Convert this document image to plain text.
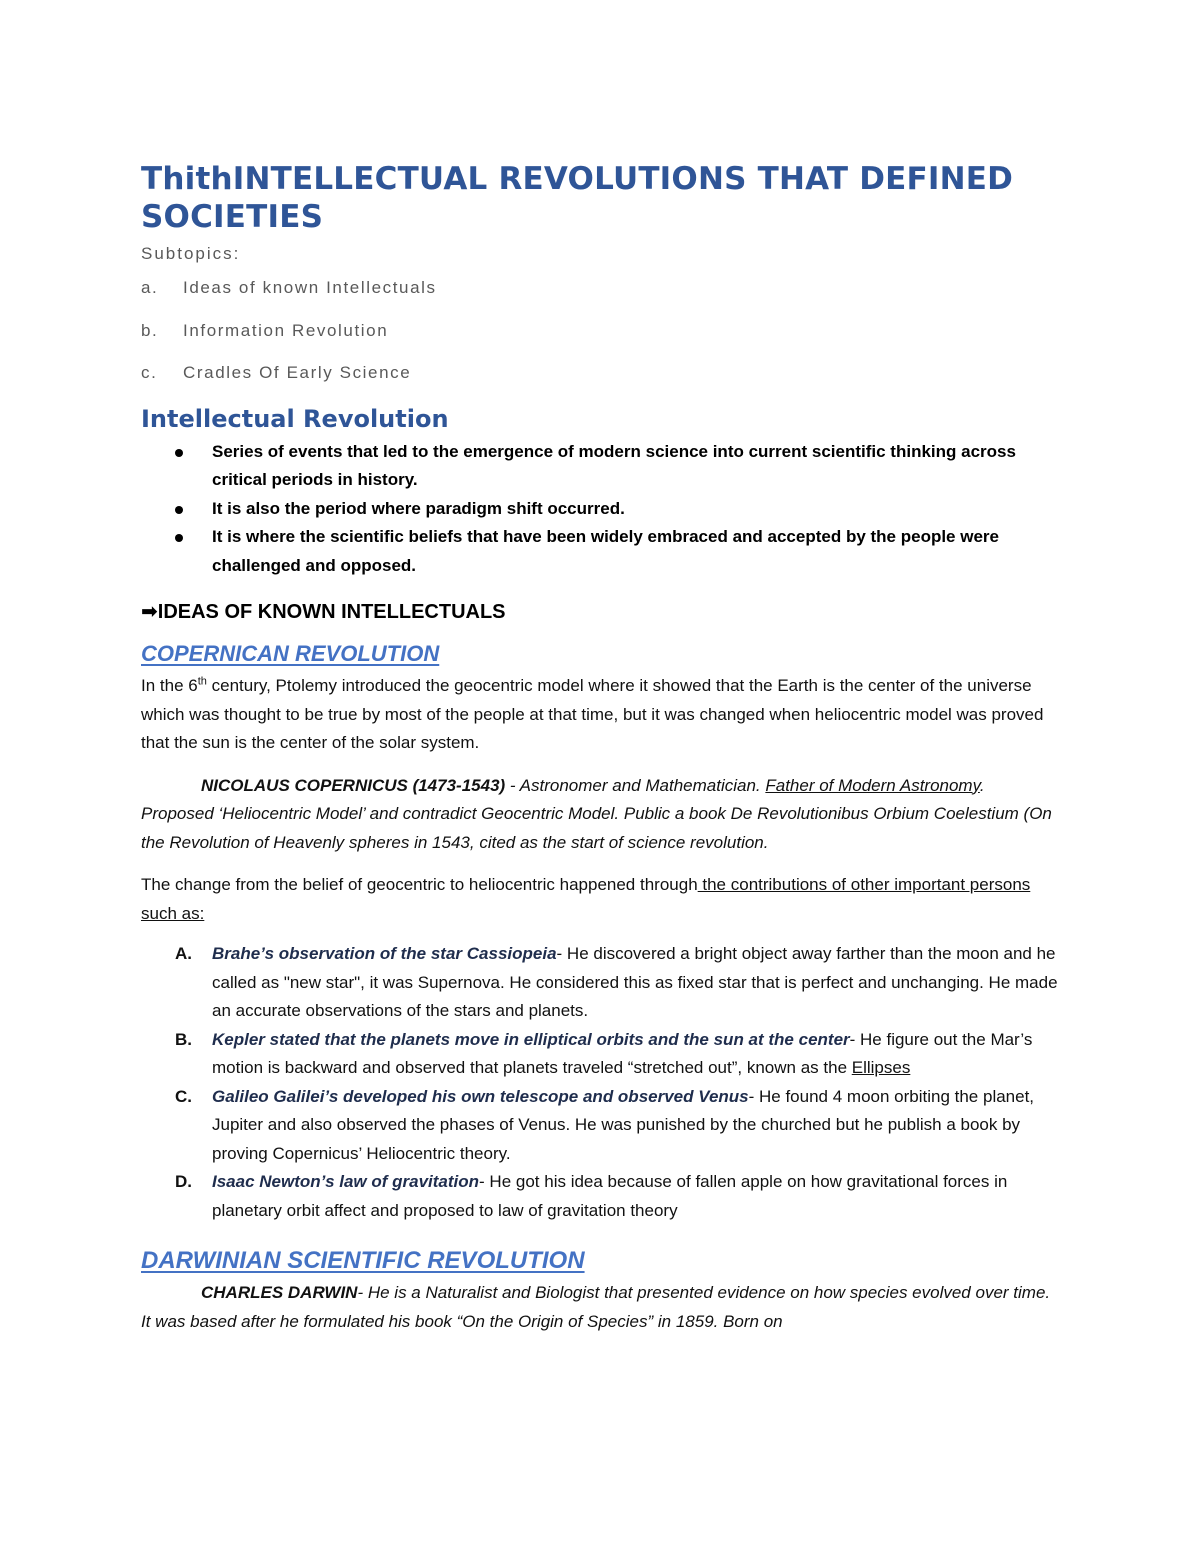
ThithINTELLECTUAL REVOLUTIONS THAT DEFINED SOCIETIES

Subtopics:

a.	Ideas of known Intellectuals
b.	Information Revolution
c.	Cradles Of Early Science
Intellectual Revolution
Series of events that led to the emergence of modern science into current scientific thinking across critical periods in history.
It is also the period where paradigm shift occurred.
It is where the scientific beliefs that have been widely embraced and accepted by the people were challenged and opposed.
➡IDEAS OF KNOWN INTELLECTUALS
COPERNICAN REVOLUTION

In the 6th century, Ptolemy introduced the geocentric model where it showed that the Earth is the center of the universe which was thought to be true by most of the people at that time, but it was changed when heliocentric model was proved that the sun is the center of the solar system.

NICOLAUS COPERNICUS (1473-1543) - Astronomer and Mathematician. Father of Modern Astronomy. Proposed ‘Heliocentric Model’ and contradict Geocentric Model. Public a book De Revolutionibus Orbium Coelestium (On the Revolution of Heavenly spheres in 1543, cited as the start of science revolution.

The change from the belief of geocentric to heliocentric happened through the contributions of other important persons such as:

A. Brahe’s observation of the star Cassiopeia- He discovered a bright object away farther than the moon and he called as "new star", it was Supernova. He considered this as fixed star that is perfect and unchanging. He made an accurate observations of the stars and planets.
B. Kepler stated that the planets move in elliptical orbits and the sun at the center- He figure out the Mar’s motion is backward and observed that planets traveled “stretched out”, known as the Ellipses
C. Galileo Galilei’s developed his own telescope and observed Venus- He found 4 moon orbiting the planet, Jupiter and also observed the phases of Venus. He was punished by the churched but he publish a book by proving Copernicus’ Heliocentric theory.
D. Isaac Newton’s law of gravitation- He got his idea because of fallen apple on how gravitational forces in planetary orbit affect and proposed to law of gravitation theory
DARWINIAN SCIENTIFIC REVOLUTION

CHARLES DARWIN- He is a Naturalist and Biologist that presented evidence on how species evolved over time. It was based after he formulated his book “On the Origin of Species” in 1859. Born on
